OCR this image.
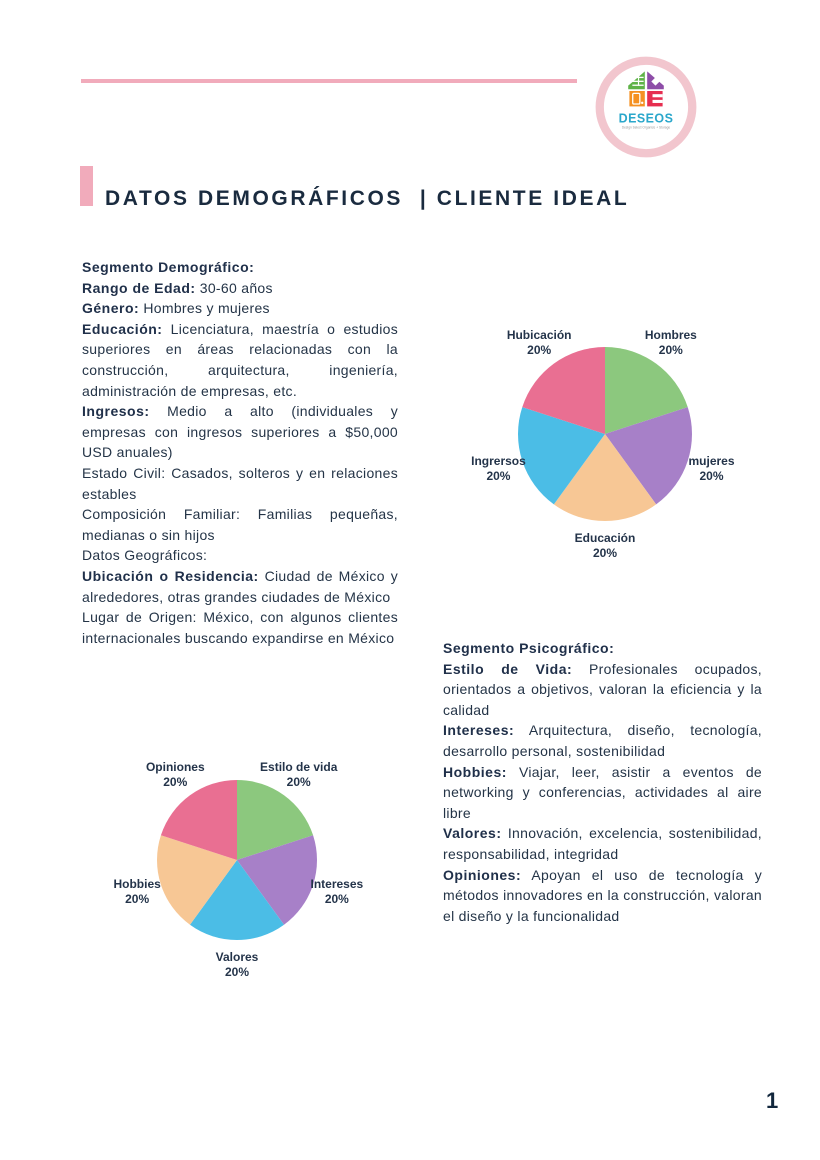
DESEOS
Design Select Organize + Storage
DATOS DEMOGRÁFICOS  | CLIENTE IDEAL

Segmento Demográfico:

Rango de Edad: 30-60 años

Género: Hombres y mujeres

Educación: Licenciatura, maestría o estudios superiores en áreas relacionadas con la construcción, arquitectura, ingeniería, administración de empresas, etc.

Ingresos: Medio a alto (individuales y empresas con ingresos superiores a $50,000 USD anuales)

Estado Civil: Casados, solteros y en relaciones estables

Composición Familiar: Familias pequeñas, medianas o sin hijos

Datos Geográficos:

Ubicación o Residencia: Ciudad de México y alrededores, otras grandes ciudades de México

Lugar de Origen: México, con algunos clientes internacionales buscando expandirse en México

Hombres
20%
mujeres
20%
Educación
20%
Ingrersos
20%
Hubicación
20%

Segmento Psicográfico:

Estilo de Vida: Profesionales ocupados, orientados a objetivos, valoran la eficiencia y la calidad

Intereses: Arquitectura, diseño, tecnología, desarrollo personal, sostenibilidad

Hobbies: Viajar, leer, asistir a eventos de networking y conferencias, actividades al aire libre

Valores: Innovación, excelencia, sostenibilidad, responsabilidad, integridad

Opiniones: Apoyan el uso de tecnología y métodos innovadores en la construcción, valoran el diseño y la funcionalidad

Estilo de vida
20%
Intereses
20%
Valores
20%
Hobbies
20%
Opiniones
20%
1
